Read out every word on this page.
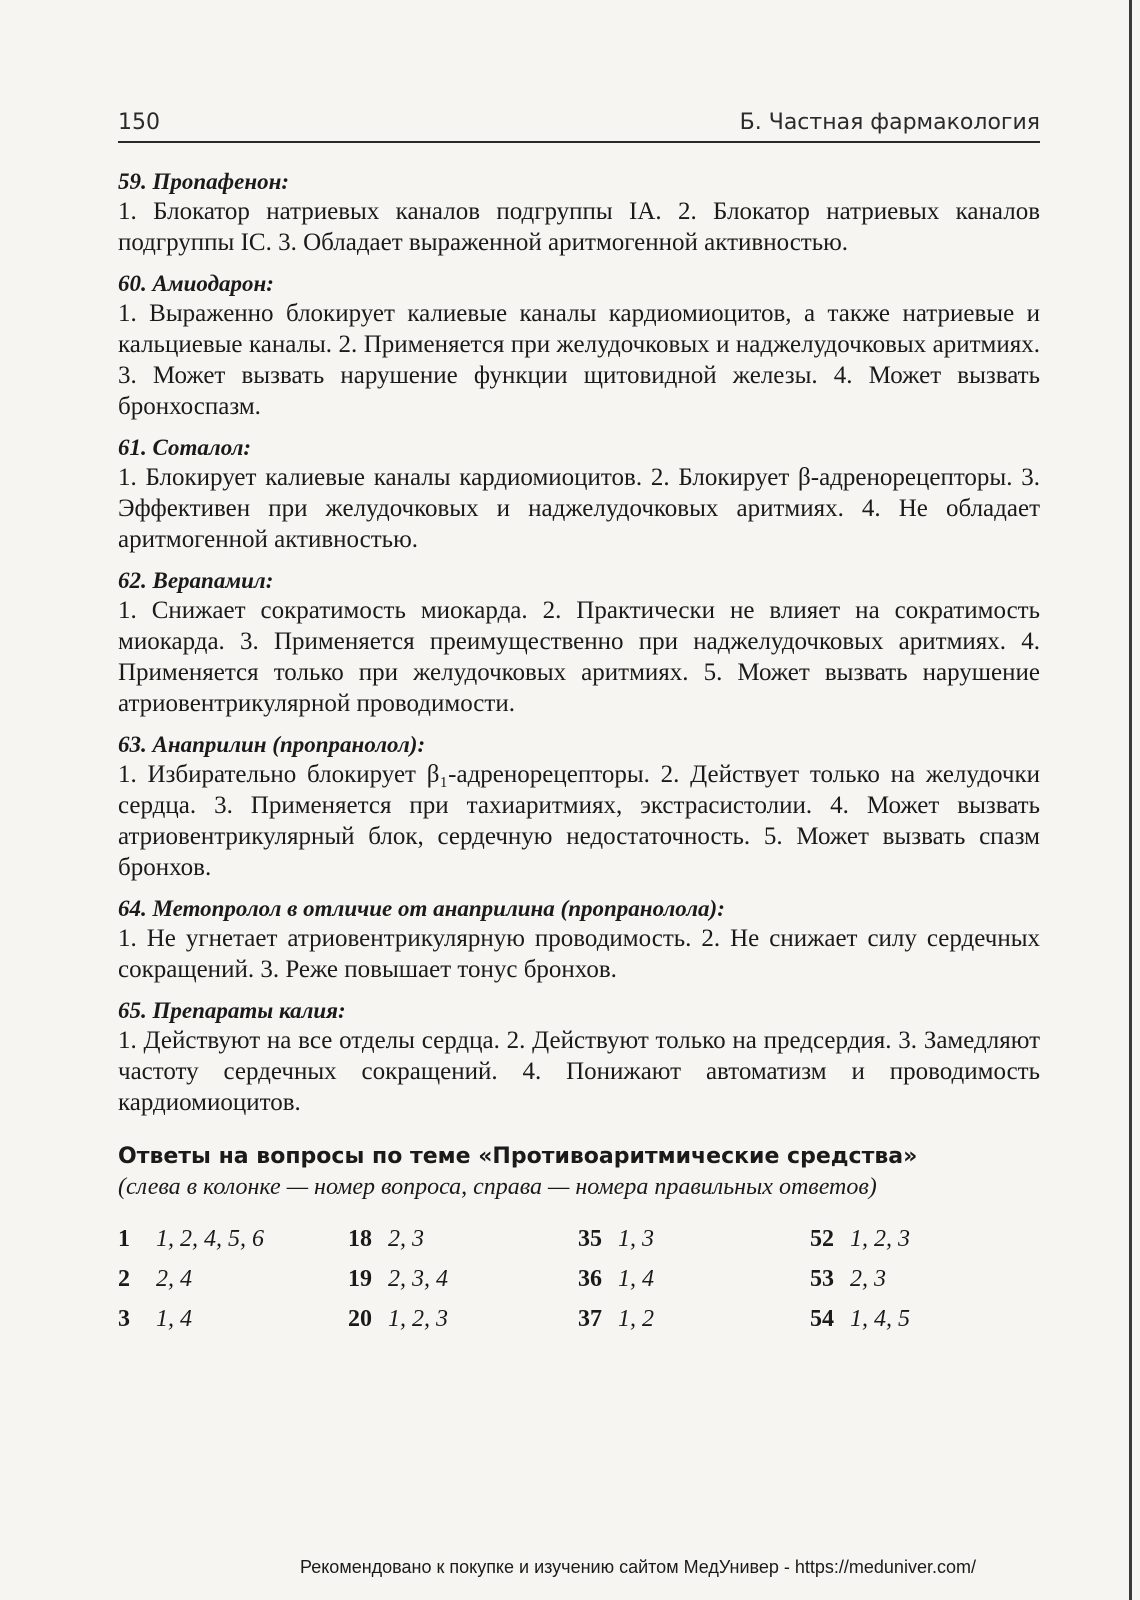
150	Б. Частная фармакология
59. Пропафенон:
1. Блокатор натриевых каналов подгруппы IA. 2. Блокатор натриевых каналов подгруппы IC. 3. Обладает выраженной аритмогенной активностью.
60. Амиодарон:
1. Выраженно блокирует калиевые каналы кардиомиоцитов, а также натриевые и кальциевые каналы. 2. Применяется при желудочковых и наджелудочковых аритмиях. 3. Может вызвать нарушение функции щитовидной железы. 4. Может вызвать бронхоспазм.
61. Соталол:
1. Блокирует калиевые каналы кардиомиоцитов. 2. Блокирует β-адренорецепторы. 3. Эффективен при желудочковых и наджелудочковых аритмиях. 4. Не обладает аритмогенной активностью.
62. Верапамил:
1. Снижает сократимость миокарда. 2. Практически не влияет на сократимость миокарда. 3. Применяется преимущественно при наджелудочковых аритмиях. 4. Применяется только при желудочковых аритмиях. 5. Может вызвать нарушение атриовентрикулярной проводимости.
63. Анаприлин (пропранолол):
1. Избирательно блокирует β₁-адренорецепторы. 2. Действует только на желудочки сердца. 3. Применяется при тахиаритмиях, экстрасистолии. 4. Может вызвать атриовентрикулярный блок, сердечную недостаточность. 5. Может вызвать спазм бронхов.
64. Метопролол в отличие от анаприлина (пропранолола):
1. Не угнетает атриовентрикулярную проводимость. 2. Не снижает силу сердечных сокращений. 3. Реже повышает тонус бронхов.
65. Препараты калия:
1. Действуют на все отделы сердца. 2. Действуют только на предсердия. 3. Замедляют частоту сердечных сокращений. 4. Понижают автоматизм и проводимость кардиомиоцитов.
Ответы на вопросы по теме «Противоаритмические средства»
(слева в колонке — номер вопроса, справа — номера правильных ответов)
1	1, 2, 4, 5, 6	18 2, 3	35 1, 3	52 1, 2, 3
2	2, 4	19 2, 3, 4	36 1, 4	53 2, 3
3	1, 4	20 1, 2, 3	37 1, 2	54 1, 4, 5
Рекомендовано к покупке и изучению сайтом МедУнивер - https://meduniver.com/
